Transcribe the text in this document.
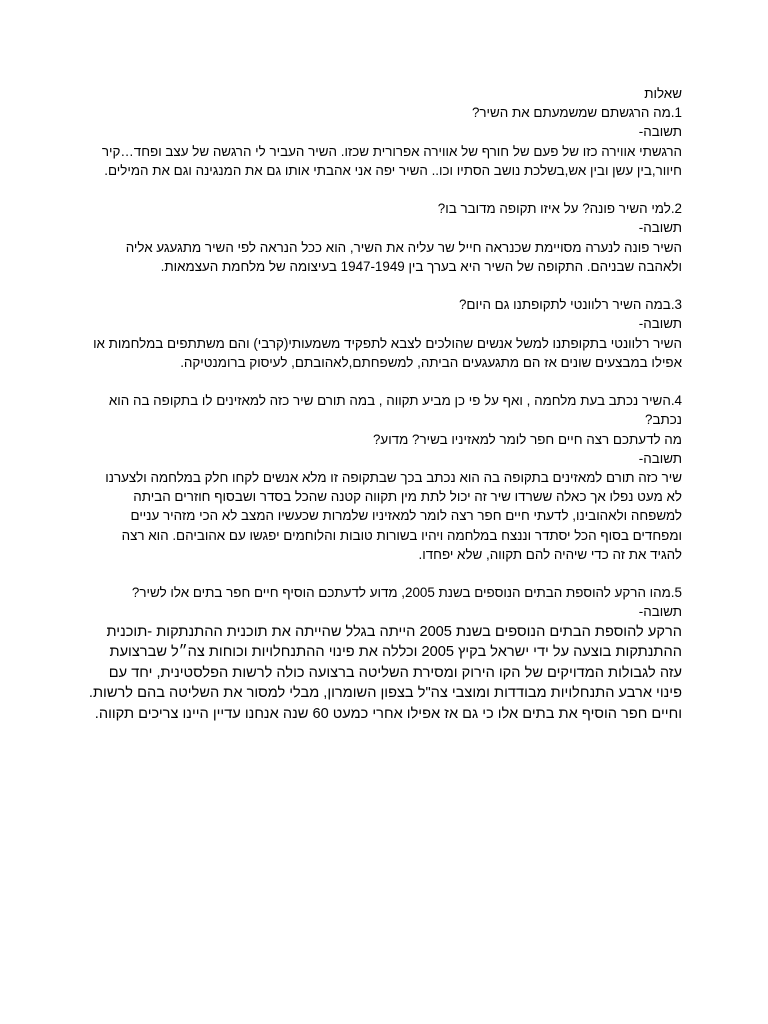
שאלות
1.מה הרגשתם שמשמעתם את השיר?
תשובה-
הרגשתי אווירה כזו של פעם של חורף של אווירה אפרורית שכזו. השיר העביר לי הרגשה של עצב ופחד…קיר חיוור,בין עשן ובין אש,בשלכת נושב הסתיו וכו.. השיר יפה אני אהבתי אותו גם את המנגינה וגם את המילים.
2.למי השיר פונה? על איזו תקופה מדובר בו?
תשובה-
השיר פונה לנערה מסויימת שכנראה חייל שר עליה את השיר, הוא ככל הנראה לפי השיר מתגעגע אליה ולאהבה שבניהם. התקופה של השיר היא בערך בין 1947-1949 בעיצומה של מלחמת העצמאות.
3.במה השיר רלוונטי לתקופתנו גם היום?
תשובה-
השיר רלוונטי בתקופתנו למשל אנשים שהולכים לצבא לתפקיד משמעותי(קרבי) והם משתתפים במלחמות או אפילו במבצעים שונים אז הם מתגעגעים הביתה, למשפחתם,לאהובתם, לעיסוק ברומנטיקה.
4.השיר נכתב בעת מלחמה , ואף על פי כן מביע תקווה , במה תורם שיר כזה למאזינים לו בתקופה בה הוא נכתב?
מה לדעתכם רצה חיים חפר לומר למאזיניו בשיר? מדוע?
תשובה-
שיר כזה תורם למאזינים בתקופה בה הוא נכתב בכך שבתקופה זו מלא אנשים לקחו חלק במלחמה ולצערנו לא מעט נפלו אך כאלה ששרדו שיר זה יכול לתת מין תקווה קטנה שהכל בסדר ושבסוף חוזרים הביתה למשפחה ולאהובינו, לדעתי חיים חפר רצה לומר למאזיניו שלמרות שכעשיו המצב לא הכי מזהיר עניים ומפחדים בסוף הכל יסתדר וננצח במלחמה ויהיו בשורות טובות והלוחמים יפגשו עם אהוביהם. הוא רצה להגיד את זה כדי שיהיה להם תקווה, שלא יפחדו.
5.מהו הרקע להוספת הבתים הנוספים בשנת 2005, מדוע לדעתכם הוסיף חיים חפר בתים אלו לשיר?
תשובה-
הרקע להוספת הבתים הנוספים בשנת 2005 הייתה בגלל שהייתה את תוכנית ההתנתקות -תוכנית ההתנתקות בוצעה על ידי ישראל בקיץ 2005 וכללה את פינוי ההתנחלויות וכוחות צה״ל שברצועת עזה לגבולות המדויקים של הקו הירוק ומסירת השליטה ברצועה כולה לרשות הפלסטינית, יחד עם פינוי ארבע התנחלויות מבודדות ומוצבי צה"ל בצפון השומרון, מבלי למסור את השליטה בהם לרשות.
וחיים חפר הוסיף את בתים אלו כי גם אז אפילו אחרי כמעט 60 שנה אנחנו עדיין היינו צריכים תקווה.
